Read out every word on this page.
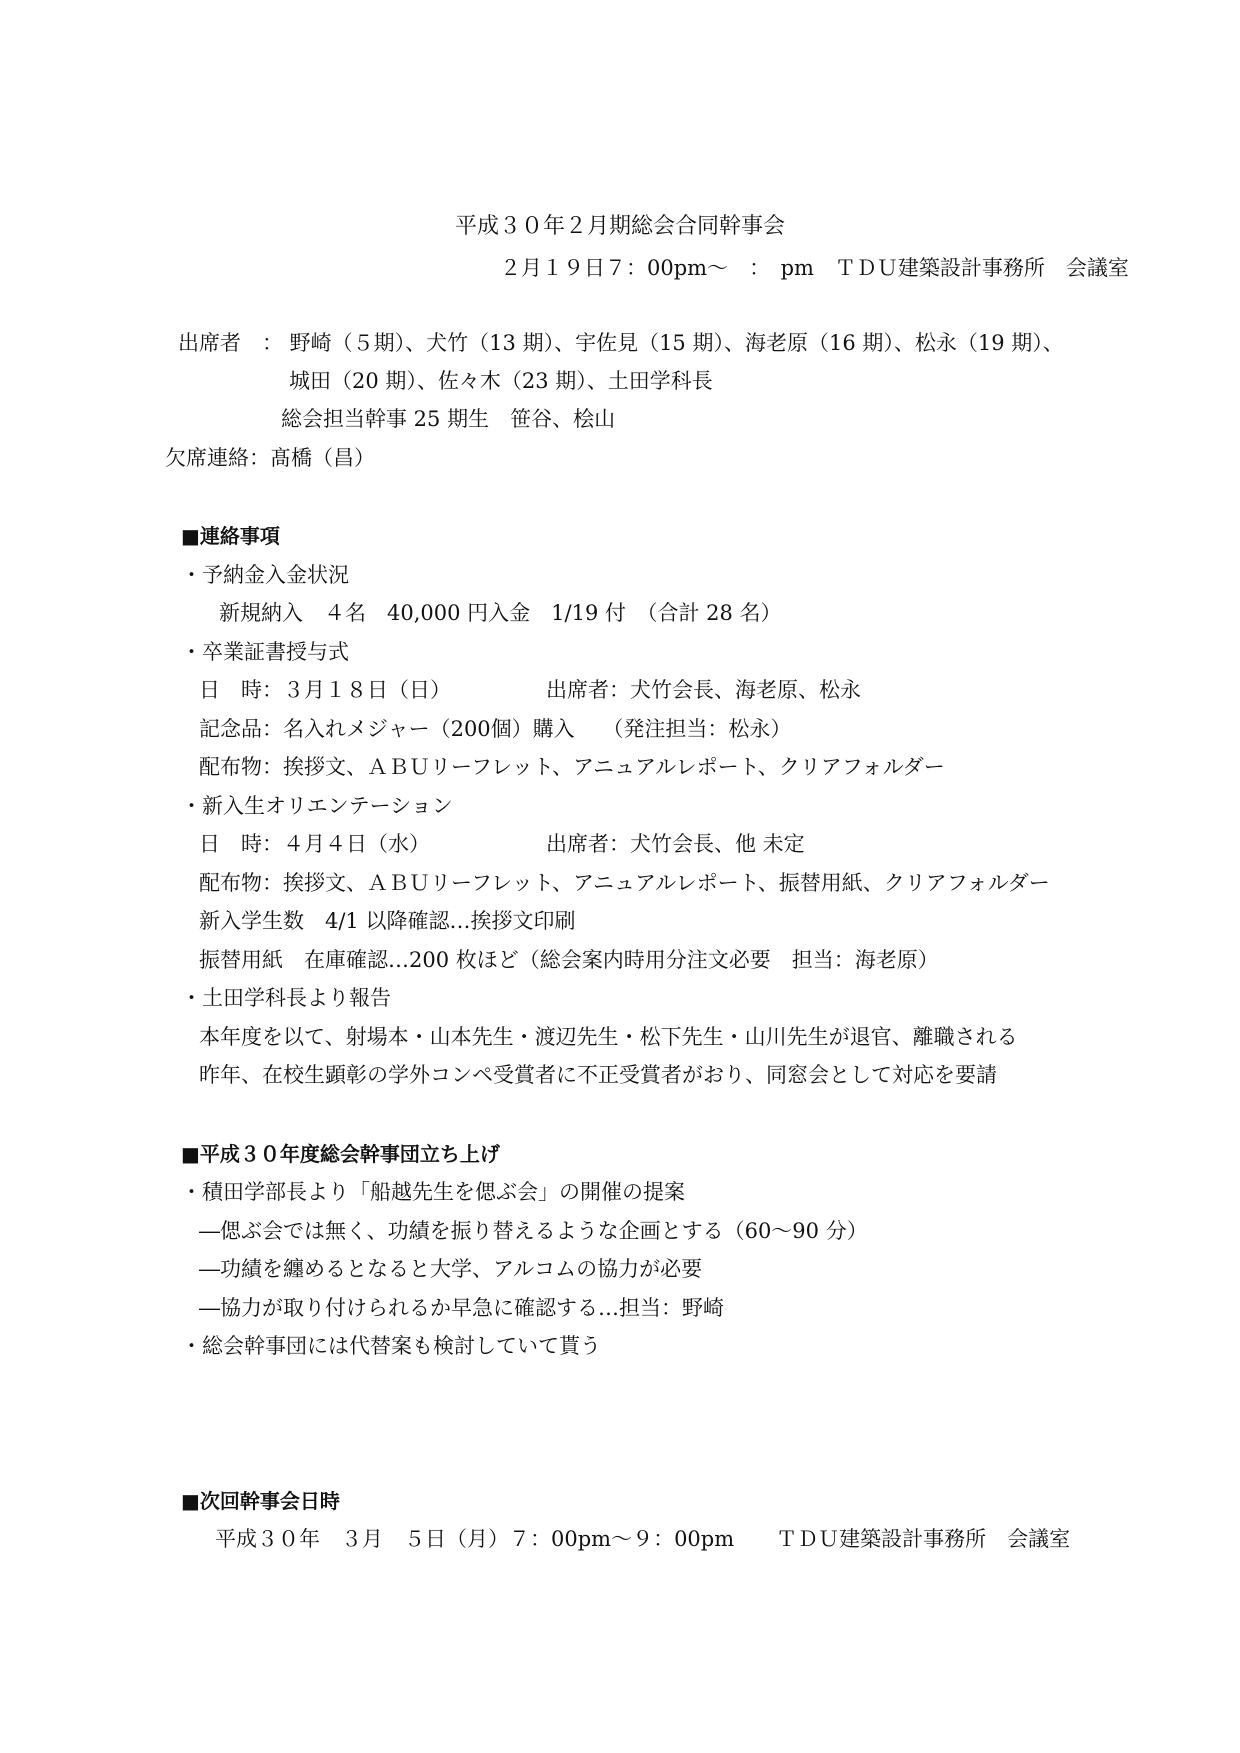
平成３０年２月期総会合同幹事会
２月１９日７：00pm～　：　pm　ＴＤＵ建築設計事務所　会議室
出席者　： 野崎（５期）、犬竹（13 期）、宇佐見（15 期）、海老原（16 期）、松永（19 期）、
城田（20 期）、佐々木（23 期）、土田学科長
総会担当幹事 25 期生　笹谷、桧山
欠席連絡：髙橋（昌）
■連絡事項
・予納金入金状況
新規納入　４名　40,000 円入金　1/19 付　（合計 28 名）
・卒業証書授与式
日　時：３月１８日（日）	出席者：犬竹会長、海老原、松永
記念品：名入れメジャー（200個）購入　 （発注担当：松永）
配布物：挨拶文、ＡＢＵリーフレット、アニュアルレポート、クリアフォルダー
・新入生オリエンテーション
日　時：４月４日（水）	出席者：犬竹会長、他 未定
配布物：挨拶文、ＡＢＵリーフレット、アニュアルレポート、振替用紙、クリアフォルダー
新入学生数　4/1 以降確認…挨拶文印刷
振替用紙　在庫確認…200 枚ほど（総会案内時用分注文必要　担当：海老原）
・土田学科長より報告
本年度を以て、射場本・山本先生・渡辺先生・松下先生・山川先生が退官、離職される
昨年、在校生顕彰の学外コンペ受賞者に不正受賞者がおり、同窓会として対応を要請
■平成３０年度総会幹事団立ち上げ
・積田学部長より「船越先生を偲ぶ会」の開催の提案
―偲ぶ会では無く、功績を振り替えるような企画とする（60～90 分）
―功績を纏めるとなると大学、アルコムの協力が必要
―協力が取り付けられるか早急に確認する…担当：野崎
・総会幹事団には代替案も検討していて貰う
■次回幹事会日時
平成３０年　３月　５日（月）７：00pm～９：00pm　　ＴＤＵ建築設計事務所　会議室
